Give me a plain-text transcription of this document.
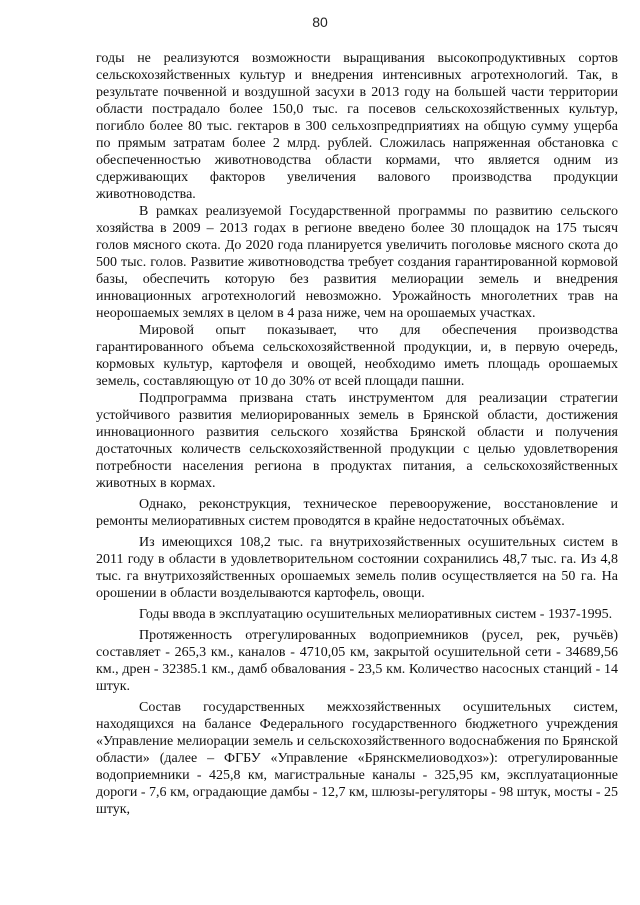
80

годы не реализуются возможности выращивания высокопродуктивных сортов сельскохозяйственных культур и внедрения интенсивных агротехнологий. Так, в результате почвенной и воздушной засухи в 2013 году на большей части территории области пострадало более 150,0 тыс. га посевов сельскохозяйственных культур, погибло более 80 тыс. гектаров в 300 сельхозпредприятиях на общую сумму ущерба по прямым затратам более 2 млрд. рублей. Сложилась напряженная обстановка с обеспеченностью животноводства области кормами, что является одним из сдерживающих факторов увеличения валового производства продукции животноводства.

В рамках реализуемой Государственной программы по развитию сельского хозяйства в 2009 – 2013 годах в регионе введено более 30 площадок на 175 тысяч голов мясного скота. До 2020 года планируется увеличить поголовье мясного скота до 500 тыс. голов. Развитие животноводства требует создания гарантированной кормовой базы, обеспечить которую без развития мелиорации земель и внедрения инновационных агротехнологий невозможно. Урожайность многолетних трав на неорошаемых землях в целом в 4 раза ниже, чем на орошаемых участках.

Мировой опыт показывает, что для обеспечения производства гарантированного объема сельскохозяйственной продукции, и, в первую очередь, кормовых культур, картофеля и овощей, необходимо иметь площадь орошаемых земель, составляющую от 10 до 30% от всей площади пашни.

Подпрограмма призвана стать инструментом для реализации стратегии устойчивого развития мелиорированных земель в Брянской области, достижения инновационного развития сельского хозяйства Брянской области и получения достаточных количеств сельскохозяйственной продукции с целью удовлетворения потребности населения региона в продуктах питания, а сельскохозяйственных животных в кормах.

Однако, реконструкция, техническое перевооружение, восстановление и ремонты мелиоративных систем проводятся в крайне недостаточных объёмах.

Из имеющихся 108,2 тыс. га внутрихозяйственных осушительных систем в 2011 году в области в удовлетворительном состоянии сохранились 48,7 тыс. га. Из 4,8 тыс. га внутрихозяйственных орошаемых земель полив осуществляется на 50 га. На орошении в области возделываются картофель, овощи.

Годы ввода в эксплуатацию осушительных мелиоративных систем - 1937-1995.

Протяженность отрегулированных водоприемников (русел, рек, ручьёв) составляет - 265,3 км., каналов - 4710,05 км, закрытой осушительной сети - 34689,56 км., дрен - 32385.1 км., дамб обвалования - 23,5 км. Количество насосных станций - 14 штук.

Состав государственных межхозяйственных осушительных систем, находящихся на балансе Федерального государственного бюджетного учреждения «Управление мелиорации земель и сельскохозяйственного водоснабжения по Брянской области» (далее – ФГБУ «Управление «Брянскмелиоводхоз»): отрегулированные водоприемники - 425,8 км, магистральные каналы - 325,95 км, эксплуатационные дороги - 7,6 км, оградающие дамбы - 12,7 км, шлюзы-регуляторы - 98 штук, мосты - 25 штук,
